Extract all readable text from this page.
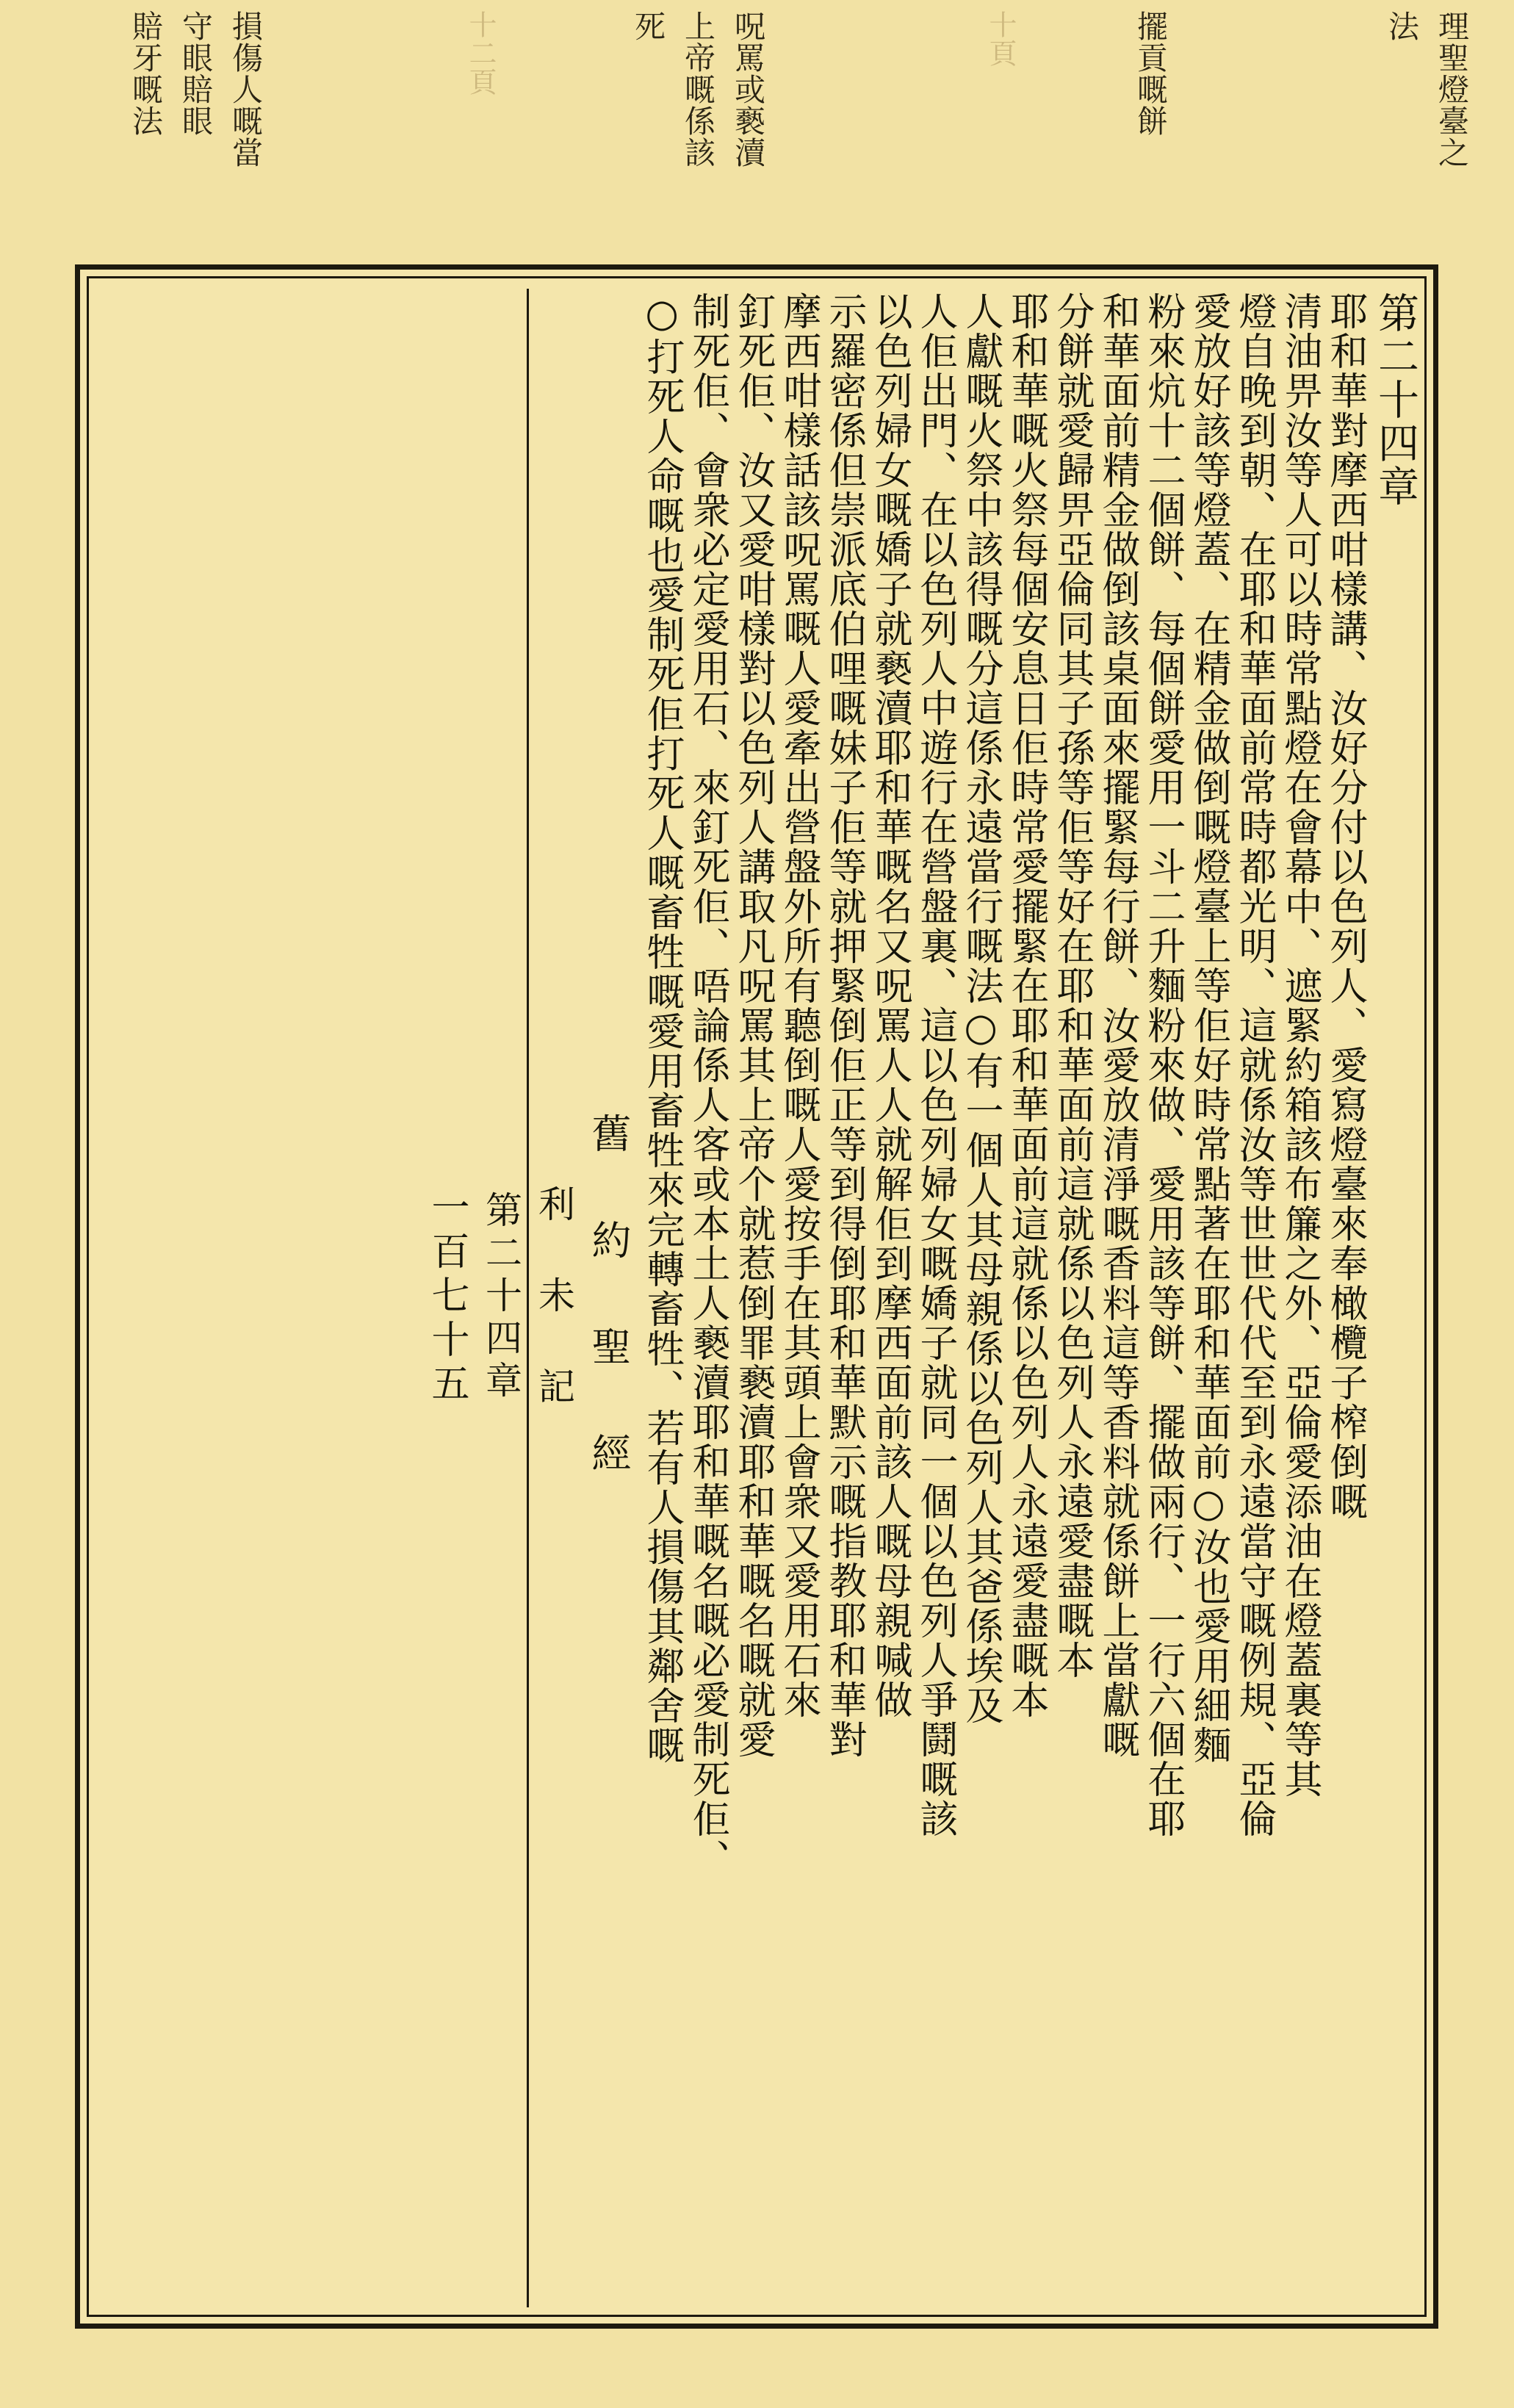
理聖燈臺之
法
擺貢嘅餅
十頁
呪罵或褻瀆
上帝嘅係該
死
十二頁
損傷人嘅當
守眼賠眼
賠牙嘅法
第二十四章
耶和華對摩西咁樣講、汝好分付以色列人、愛寫燈臺來奉橄欖子榨倒嘅
清油畀汝等人可以時常點燈在會幕中、遮緊約箱該布簾之外、亞倫愛添油在燈蓋裏等其
燈自晚到朝、在耶和華面前常時都光明、這就係汝等世世代代至到永遠當守嘅例規、亞倫
愛放好該等燈蓋、在精金做倒嘅燈臺上等佢好時常點著在耶和華面前○汝也愛用細麵
粉來炕十二個餅、每個餅愛用一斗二升麵粉來做、愛用該等餅、擺做兩行、一行六個在耶
和華面前精金做倒該桌面來擺緊每行餅、汝愛放清淨嘅香料這等香料就係餅上當獻嘅
分餅就愛歸畀亞倫同其子孫等佢等好在耶和華面前這就係以色列人永遠愛盡嘅本
耶和華嘅火祭每個安息日佢時常愛擺緊在耶和華面前這就係以色列人永遠愛盡嘅本
人獻嘅火祭中該得嘅分這係永遠當行嘅法○有一個人其母親係以色列人其爸係埃及
人佢出門、在以色列人中遊行在營盤裏、這以色列婦女嘅嬌子就同一個以色列人爭鬪嘅該
以色列婦女嘅嬌子就褻瀆耶和華嘅名又呪罵人人就解佢到摩西面前該人嘅母親喊做
示羅密係但崇派底伯哩嘅妹子佢等就押緊倒佢正等到得倒耶和華默示嘅指教耶和華對
摩西咁樣話該呪罵嘅人愛牽出營盤外所有聽倒嘅人愛按手在其頭上會衆又愛用石來
釘死佢、汝又愛咁樣對以色列人講取凡呪罵其上帝个就惹倒罪褻瀆耶和華嘅名嘅就愛
制死佢、會衆必定愛用石、來釘死佢、唔論係人客或本土人褻瀆耶和華嘅名嘅必愛制死佢、
○打死人命嘅也愛制死佢打死人嘅畜牲嘅愛用畜牲來完轉畜牲、若有人損傷其鄰舍嘅
舊 約 聖 經
利 未 記
第二十四章
一百七十五
